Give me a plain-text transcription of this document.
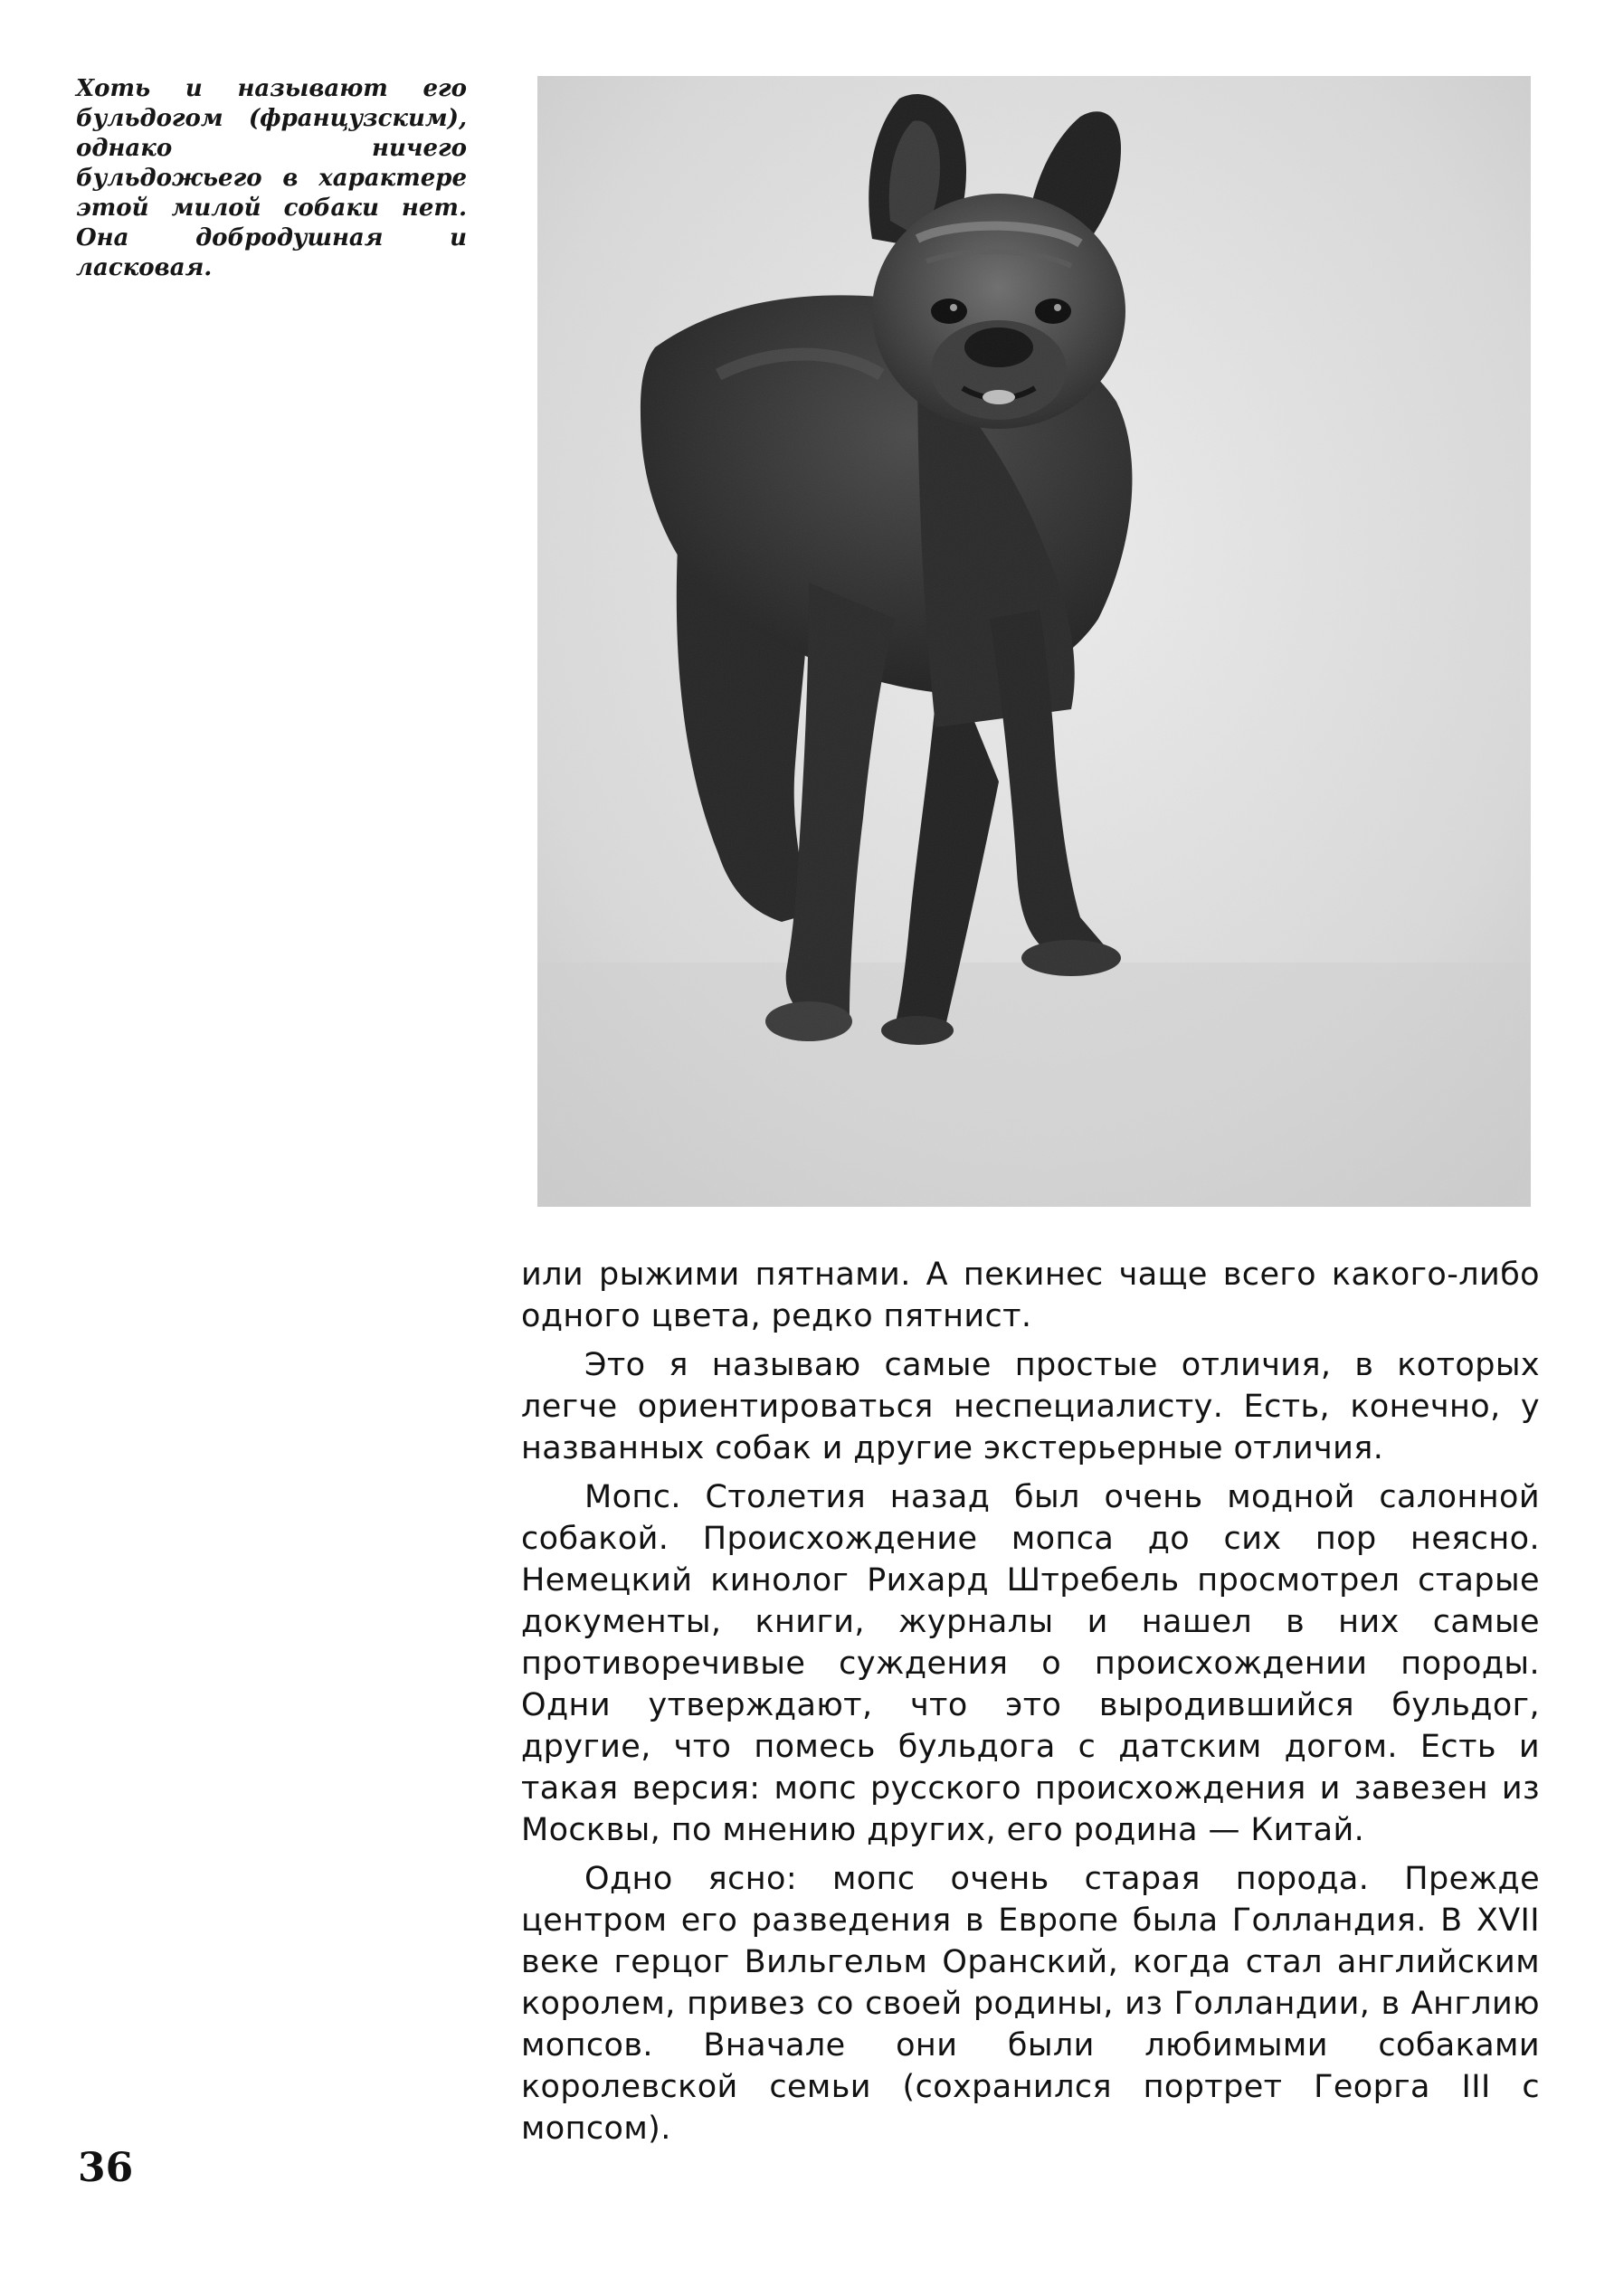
Хоть и называют его бульдогом (французским), однако ничего бульдожьего в характере этой милой собаки нет. Она добродушная и ласковая.

или рыжими пятнами. А пекинес чаще всего какого-либо одного цвета, редко пятнист.

Это я называю самые простые отличия, в которых легче ориентироваться неспециалисту. Есть, конечно, у названных собак и другие экстерьерные отличия.

Мопс. Столетия назад был очень модной салонной собакой. Происхождение мопса до сих пор неясно. Немецкий кинолог Рихард Штребель просмотрел старые документы, книги, журналы и нашел в них самые противоречивые суждения о происхождении породы. Одни утверждают, что это выродившийся бульдог, другие, что помесь бульдога с датским догом. Есть и такая версия: мопс русского происхождения и завезен из Москвы, по мнению других, его родина — Китай.

Одно ясно: мопс очень старая порода. Прежде центром его разведения в Европе была Голландия. В XVII веке герцог Вильгельм Оранский, когда стал английским королем, привез со своей родины, из Голландии, в Англию мопсов. Вначале они были любимыми собаками королевской семьи (сохранился портрет Георга III с мопсом).

36
